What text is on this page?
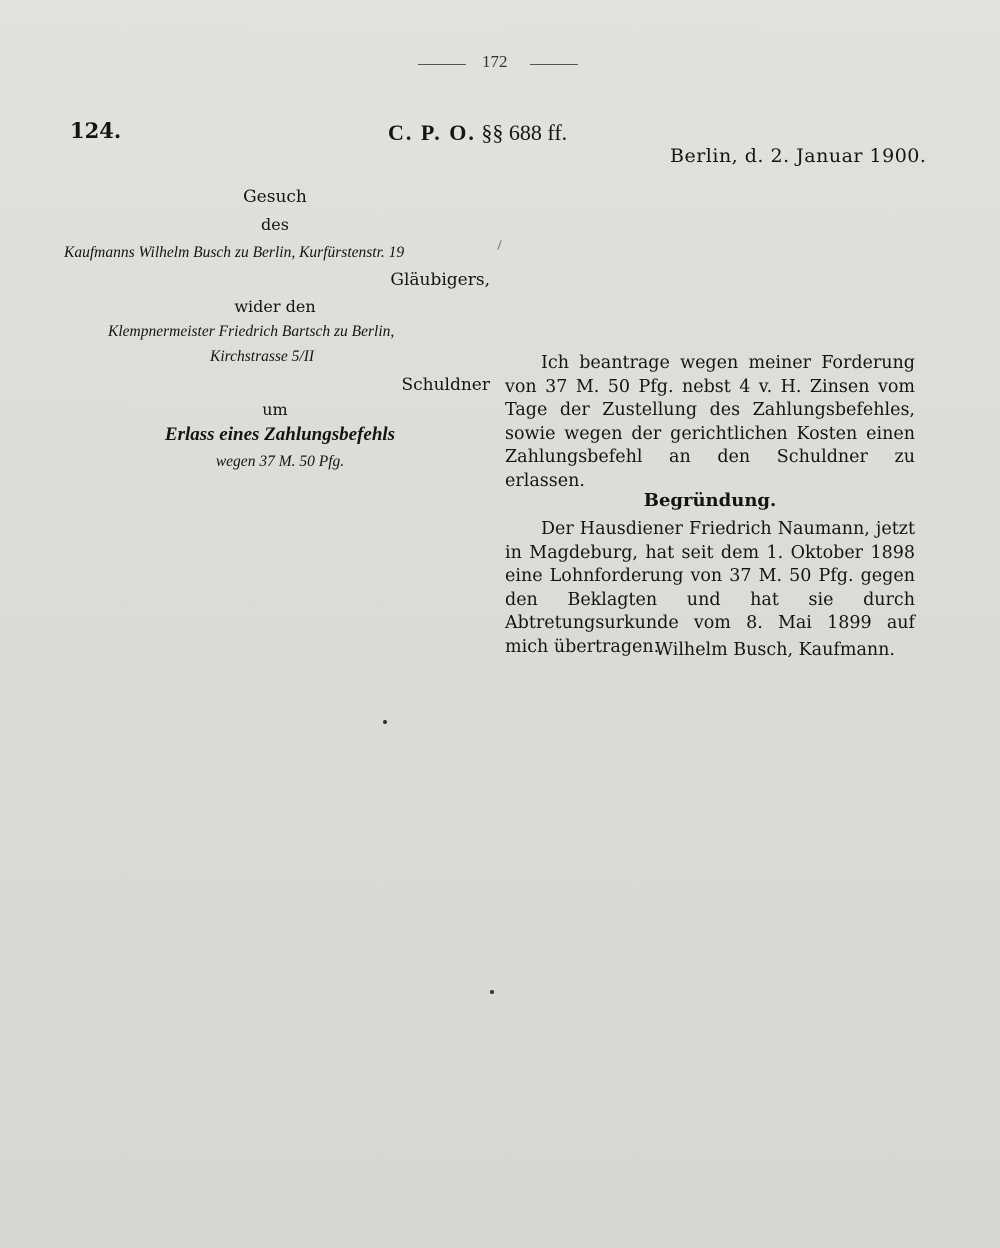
172
124.	C. P. O. §§ 688 ff.
Berlin, d. 2. Januar 1900.
Gesuch
des
Kaufmanns Wilhelm Busch zu Berlin, Kurfürstenstr. 19
Gläubigers,
wider den
Klempnermeister Friedrich Bartsch zu Berlin,
Kirchstrasse 5/II
Schuldner
um
Erlass eines Zahlungsbefehls
wegen 37 M. 50 Pfg.

Ich beantrage wegen meiner Forderung von 37 M. 50 Pfg. nebst 4 v. H. Zinsen vom Tage der Zustellung des Zahlungsbefehles, sowie wegen der gerichtlichen Kosten einen Zahlungsbefehl an den Schuldner zu erlassen.

Begründung.

Der Hausdiener Friedrich Naumann, jetzt in Magdeburg, hat seit dem 1. Oktober 1898 eine Lohnforderung von 37 M. 50 Pfg. gegen den Beklagten und hat sie durch Abtretungsurkunde vom 8. Mai 1899 auf mich übertragen.

Wilhelm Busch, Kaufmann.
